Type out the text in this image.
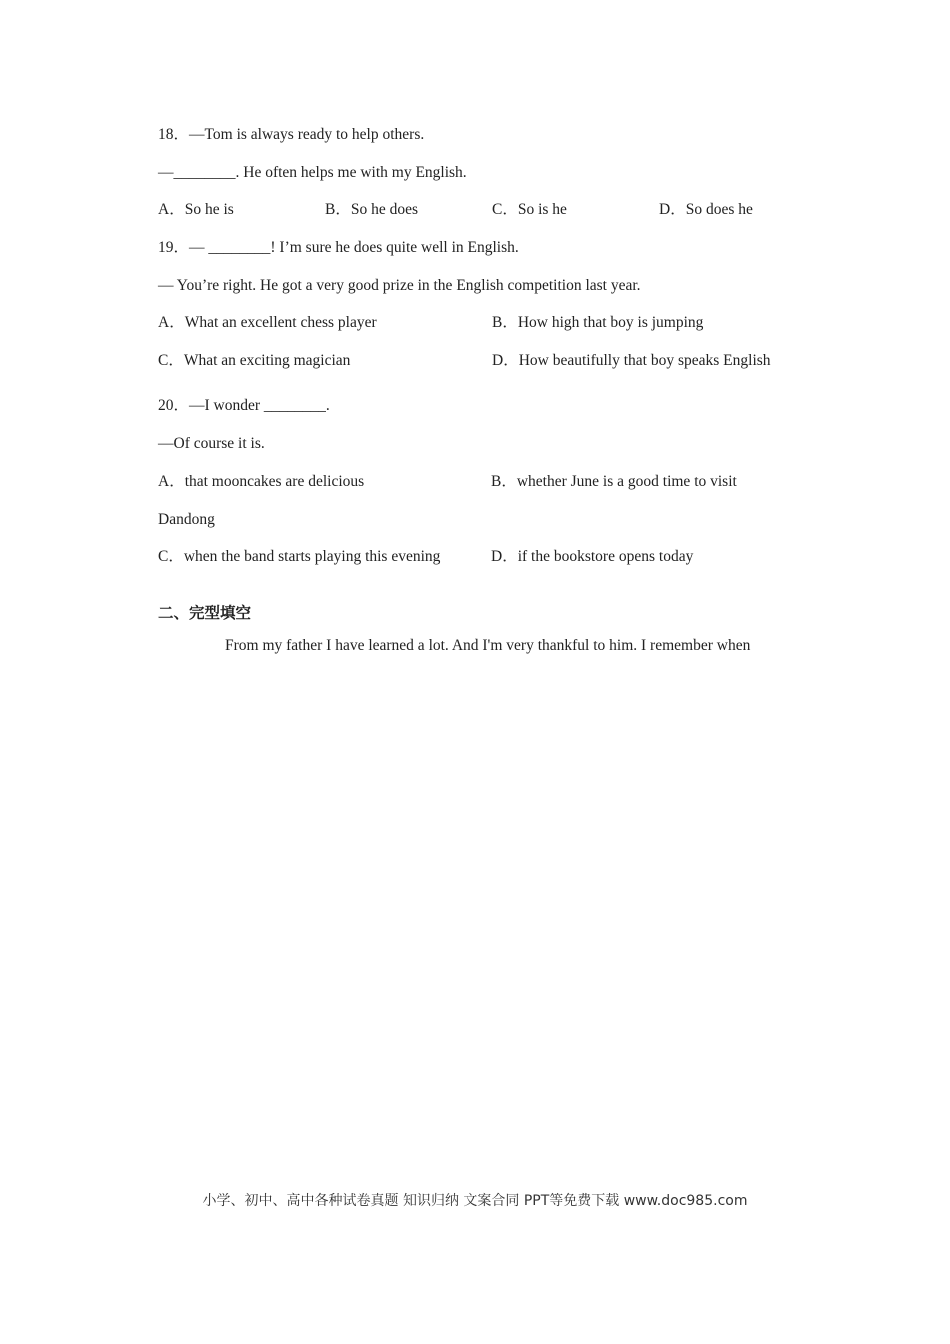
18．—Tom is always ready to help others.
—________. He often helps me with my English.
A．So he is	B．So he does	C．So is he	D．So does he
19．— ________! I’m sure he does quite well in English.
— You’re right. He got a very good prize in the English competition last year.
A．What an excellent chess player	B．How high that boy is jumping
C．What an exciting magician	D．How beautifully that boy speaks English
20．—I wonder ________.
—Of course it is.
A．that mooncakes are delicious	B．whether June is a good time to visit
Dandong
C．when the band starts playing this evening	D．if the bookstore opens today
二、完型填空
From my father I have learned a lot. And I'm very thankful to him. I remember when
小学、初中、高中各种试卷真题 知识归纳 文案合同 PPT等免费下载 www.doc985.com
